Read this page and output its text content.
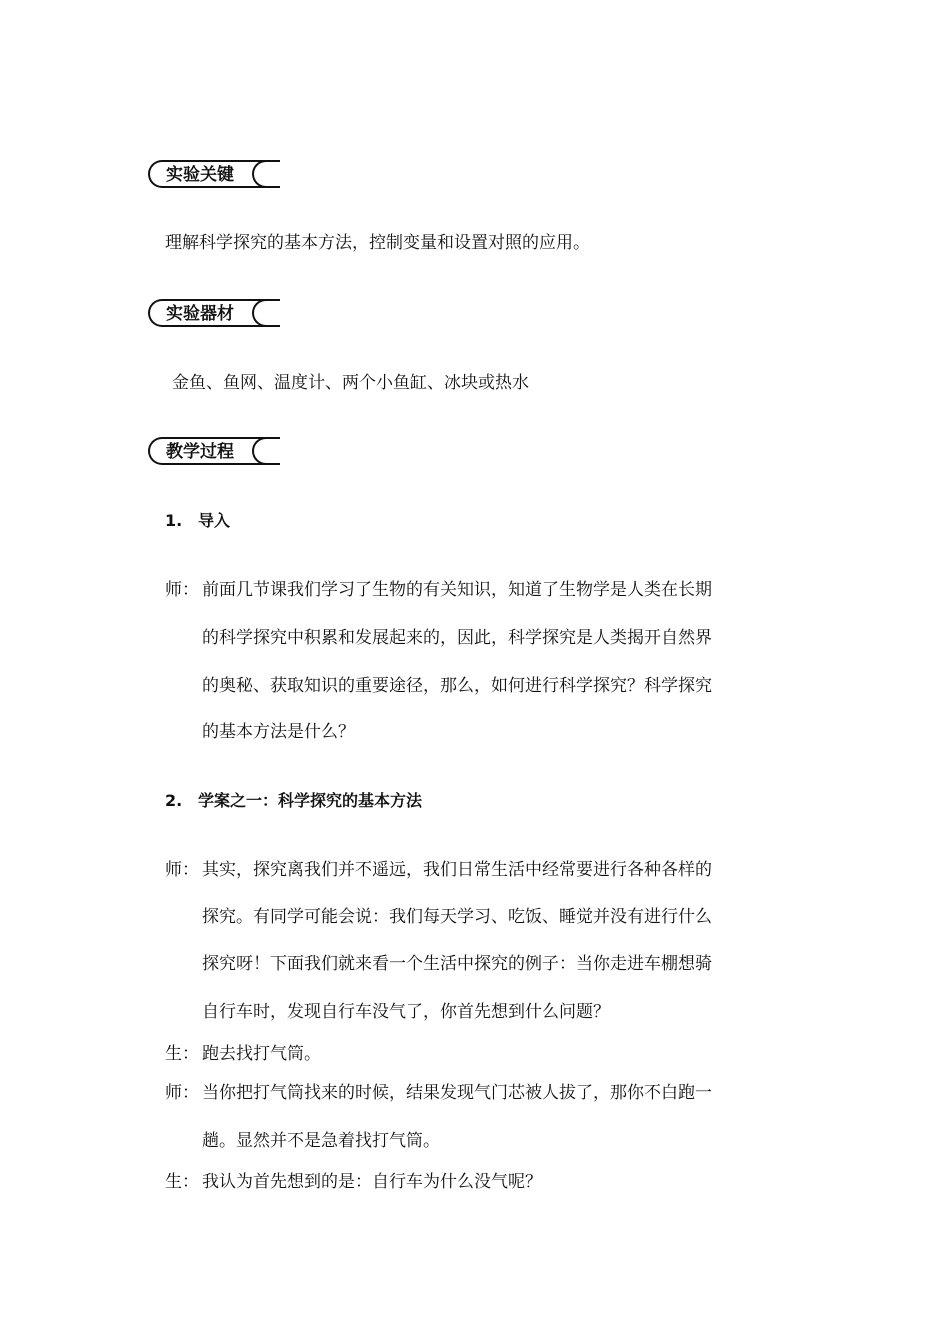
实验关键
理解科学探究的基本方法，控制变量和设置对照的应用。
实验器材
金鱼、鱼网、温度计、两个小鱼缸、冰块或热水
教学过程
1. 导入
师： 前面几节课我们学习了生物的有关知识，知道了生物学是人类在长期
的科学探究中积累和发展起来的，因此，科学探究是人类揭开自然界
的奥秘、获取知识的重要途径，那么，如何进行科学探究？科学探究
的基本方法是什么？
2. 学案之一：科学探究的基本方法
师： 其实，探究离我们并不遥远，我们日常生活中经常要进行各种各样的
探究。有同学可能会说：我们每天学习、吃饭、睡觉并没有进行什么
探究呀！下面我们就来看一个生活中探究的例子：当你走进车棚想骑
自行车时，发现自行车没气了，你首先想到什么问题？
生： 跑去找打气筒。
师： 当你把打气筒找来的时候，结果发现气门芯被人拔了，那你不白跑一
趟。显然并不是急着找打气筒。
生： 我认为首先想到的是：自行车为什么没气呢？
